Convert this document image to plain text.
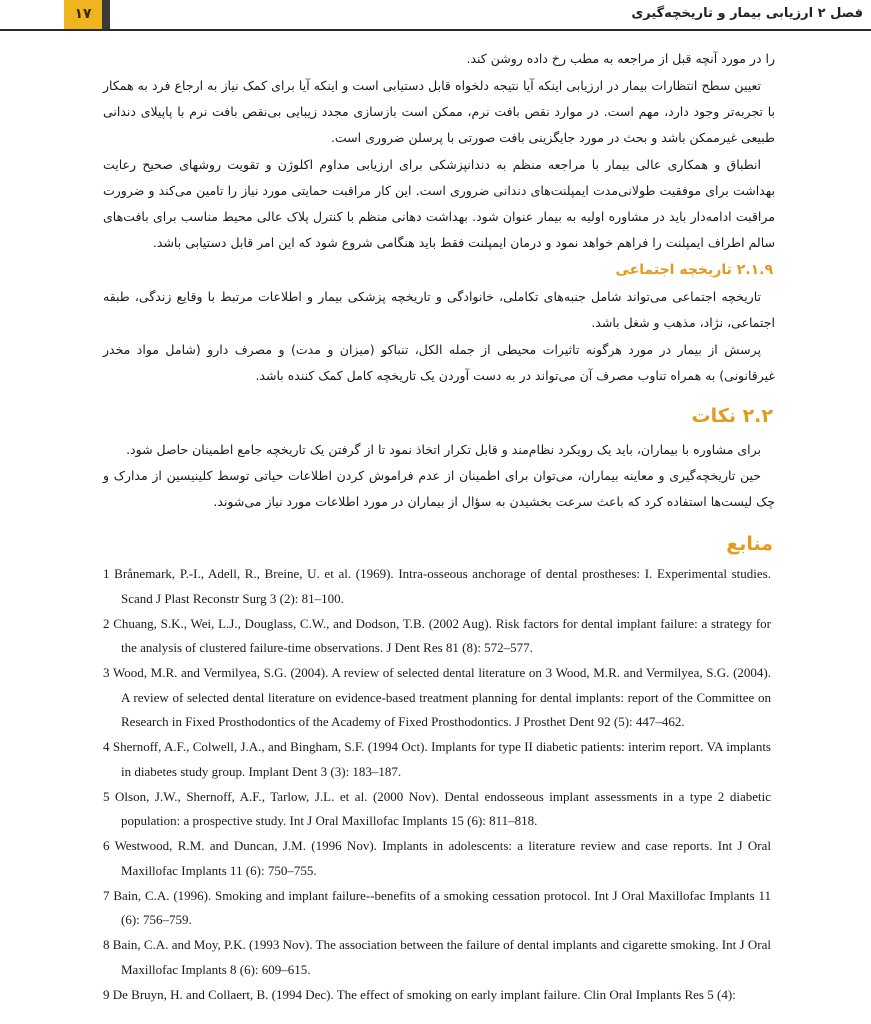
۱۷	فصل ۲ ارزیابی بیمار و تاریخچه‌گیری

را در مورد آنچه قبل از مراجعه به مطب رخ داده روشن کند.

تعیین سطح انتظارات بیمار در ارزیابی اینکه آیا نتیجه دلخواه قابل دستیابی است و اینکه آیا برای کمک نیاز به ارجاع فرد به همکار با تجربه‌تر وجود دارد، مهم است. در موارد نقص بافت نرم، ممکن است بازسازی مجدد زیبایی بی‌نقص بافت نرم با پاپیلای دندانی طبیعی غیرممکن باشد و بحث در مورد جایگزینی بافت صورتی با پرسلن ضروری است.

انطباق و همکاری عالی بیمار با مراجعه منظم به دندانپزشکی برای ارزیابی مداوم اکلوژن و تقویت روشهای صحیح رعایت بهداشت برای موفقیت طولانی‌مدت ایمپلنت‌های دندانی ضروری است. این کار مراقبت حمایتی مورد نیاز را تامین می‌کند و ضرورت مراقبت ادامه‌دار باید در مشاوره اولیه به بیمار عنوان شود. بهداشت دهانی منظم با کنترل پلاک عالی محیط مناسب برای بافت‌های سالم اطراف ایمپلنت را فراهم خواهد نمود و درمان ایمپلنت فقط باید هنگامی شروع شود که این امر قابل دستیابی باشد.

۲.۱.۹ تاریخچه اجتماعی

تاریخچه اجتماعی می‌تواند شامل جنبه‌های تکاملی، خانوادگی و تاریخچه پزشکی بیمار و اطلاعات مرتبط با وقایع زندگی، طبقه اجتماعی، نژاد، مذهب و شغل باشد.

پرسش از بیمار در مورد هرگونه تاثیرات محیطی از جمله الکل، تنباکو (میزان و مدت) و مصرف دارو (شامل مواد مخدر غیرقانونی) به همراه تناوب مصرف آن می‌تواند در به دست آوردن یک تاریخچه کامل کمک کننده باشد.

۲.۲ نکات

برای مشاوره با بیماران، باید یک رویکرد نظام‌مند و قابل تکرار اتخاذ نمود تا از گرفتن یک تاریخچه جامع اطمینان حاصل شود.

حین تاریخچه‌گیری و معاینه بیماران، می‌توان برای اطمینان از عدم فراموش کردن اطلاعات حیاتی توسط کلینیسین از مدارک و چک لیست‌ها استفاده کرد که باعث سرعت بخشیدن به سؤال از بیماران در مورد اطلاعات مورد نیاز می‌شوند.

منابع
1 Brånemark, P.-I., Adell, R., Breine, U. et al. (1969). Intra-osseous anchorage of dental prostheses: I. Experimental studies. Scand J Plast Reconstr Surg 3 (2): 81–100.
2 Chuang, S.K., Wei, L.J., Douglass, C.W., and Dodson, T.B. (2002 Aug). Risk factors for dental implant failure: a strategy for the analysis of clustered failure-time observations. J Dent Res 81 (8): 572–577.
3 Wood, M.R. and Vermilyea, S.G. (2004). A review of selected dental literature on 3 Wood, M.R. and Vermilyea, S.G. (2004). A review of selected dental literature on evidence-based treatment planning for dental implants: report of the Committee on Research in Fixed Prosthodontics of the Academy of Fixed Prosthodontics. J Prosthet Dent 92 (5): 447–462.
4 Shernoff, A.F., Colwell, J.A., and Bingham, S.F. (1994 Oct). Implants for type II diabetic patients: interim report. VA implants in diabetes study group. Implant Dent 3 (3): 183–187.
5 Olson, J.W., Shernoff, A.F., Tarlow, J.L. et al. (2000 Nov). Dental endosseous implant assessments in a type 2 diabetic population: a prospective study. Int J Oral Maxillofac Implants 15 (6): 811–818.
6 Westwood, R.M. and Duncan, J.M. (1996 Nov). Implants in adolescents: a literature review and case reports. Int J Oral Maxillofac Implants 11 (6): 750–755.
7 Bain, C.A. (1996). Smoking and implant failure--benefits of a smoking cessation protocol. Int J Oral Maxillofac Implants 11 (6): 756–759.
8 Bain, C.A. and Moy, P.K. (1993 Nov). The association between the failure of dental implants and cigarette smoking. Int J Oral Maxillofac Implants 8 (6): 609–615.
9 De Bruyn, H. and Collaert, B. (1994 Dec). The effect of smoking on early implant failure. Clin Oral Implants Res 5 (4):
